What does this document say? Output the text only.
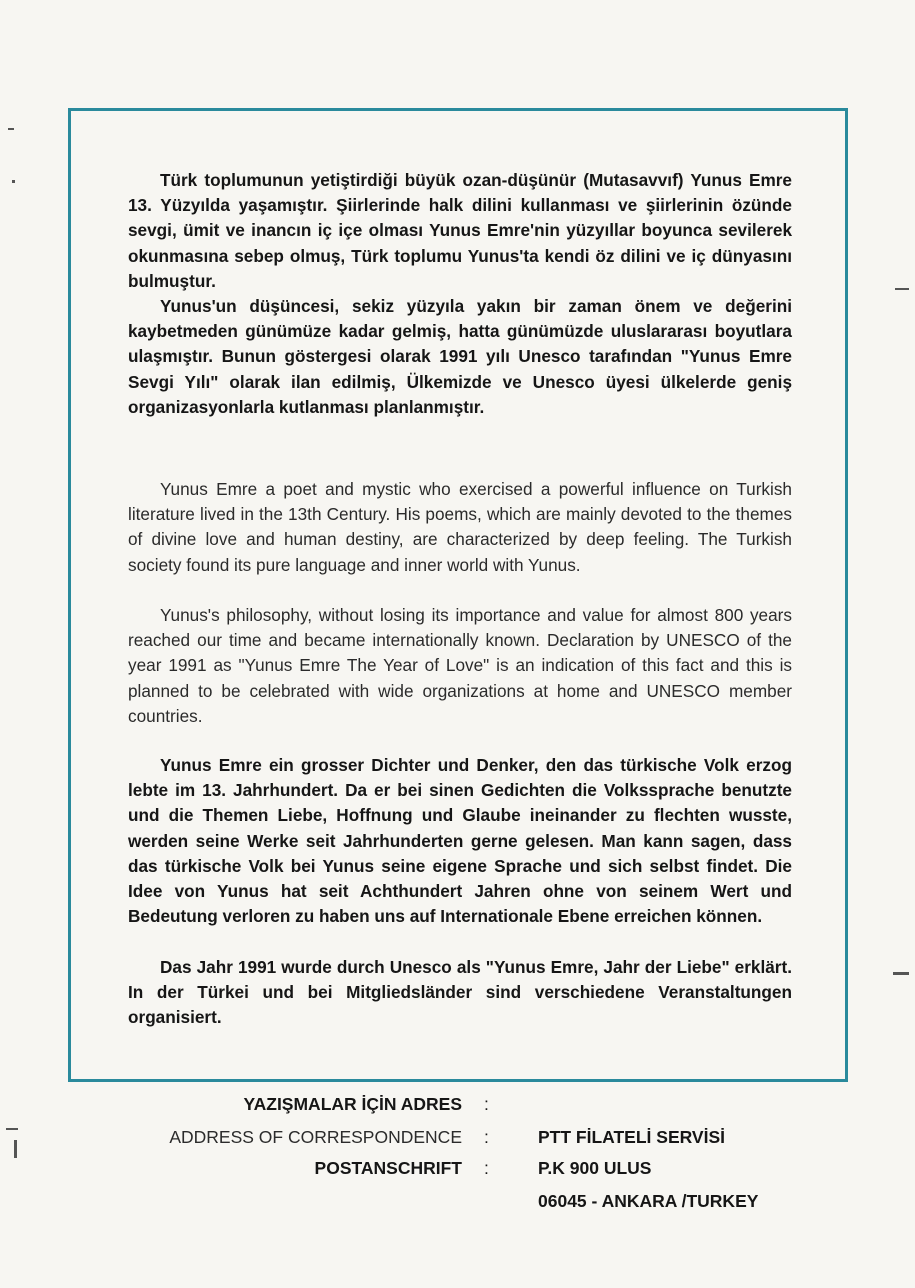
Türk toplumunun yetiştirdiği büyük ozan-düşünür (Mutasavvıf) Yunus Emre 13. Yüzyılda yaşamıştır. Şiirlerinde halk dilini kullanması ve şiirlerinin özünde sevgi, ümit ve inancın iç içe olması Yunus Emre'nin yüzyıllar boyunca sevilerek okunmasına sebep olmuş, Türk toplumu Yunus'ta kendi öz dilini ve iç dünyasını bulmuştur.

Yunus'un düşüncesi, sekiz yüzyıla yakın bir zaman önem ve değerini kaybetmeden günümüze kadar gelmiş, hatta günümüzde uluslararası boyutlara ulaşmıştır. Bunun göstergesi olarak 1991 yılı Unesco tarafından "Yunus Emre Sevgi Yılı" olarak ilan edilmiş, Ülkemizde ve Unesco üyesi ülkelerde geniş organizasyonlarla kutlanması planlanmıştır.

Yunus Emre a poet and mystic who exercised a powerful influence on Turkish literature lived in the 13th Century. His poems, which are mainly devoted to the themes of divine love and human destiny, are characterized by deep feeling. The Turkish society found its pure language and inner world with Yunus.

Yunus's philosophy, without losing its importance and value for almost 800 years reached our time and became internationally known. Declaration by UNESCO of the year 1991 as "Yunus Emre The Year of Love" is an indication of this fact and this is planned to be celebrated with wide organizations at home and UNESCO member countries.

Yunus Emre ein grosser Dichter und Denker, den das türkische Volk erzog lebte im 13. Jahrhundert. Da er bei sinen Gedichten die Volkssprache benutzte und die Themen Liebe, Hoffnung und Glaube ineinander zu flechten wusste, werden seine Werke seit Jahrhunderten gerne gelesen. Man kann sagen, dass das türkische Volk bei Yunus seine eigene Sprache und sich selbst findet. Die Idee von Yunus hat seit Achthundert Jahren ohne von seinem Wert und Bedeutung verloren zu haben uns auf Internationale Ebene erreichen können.

Das Jahr 1991 wurde durch Unesco als "Yunus Emre, Jahr der Liebe" erklärt. In der Türkei und bei Mitgliedsländer sind verschiedene Veranstaltungen organisiert.

YAZIŞMALAR İÇİN ADRES
ADDRESS OF CORRESPONDENCE
POSTANSCHRIFT
:
:
:
PTT FİLATELİ SERVİSİ
P.K 900 ULUS
06045 - ANKARA /TURKEY
